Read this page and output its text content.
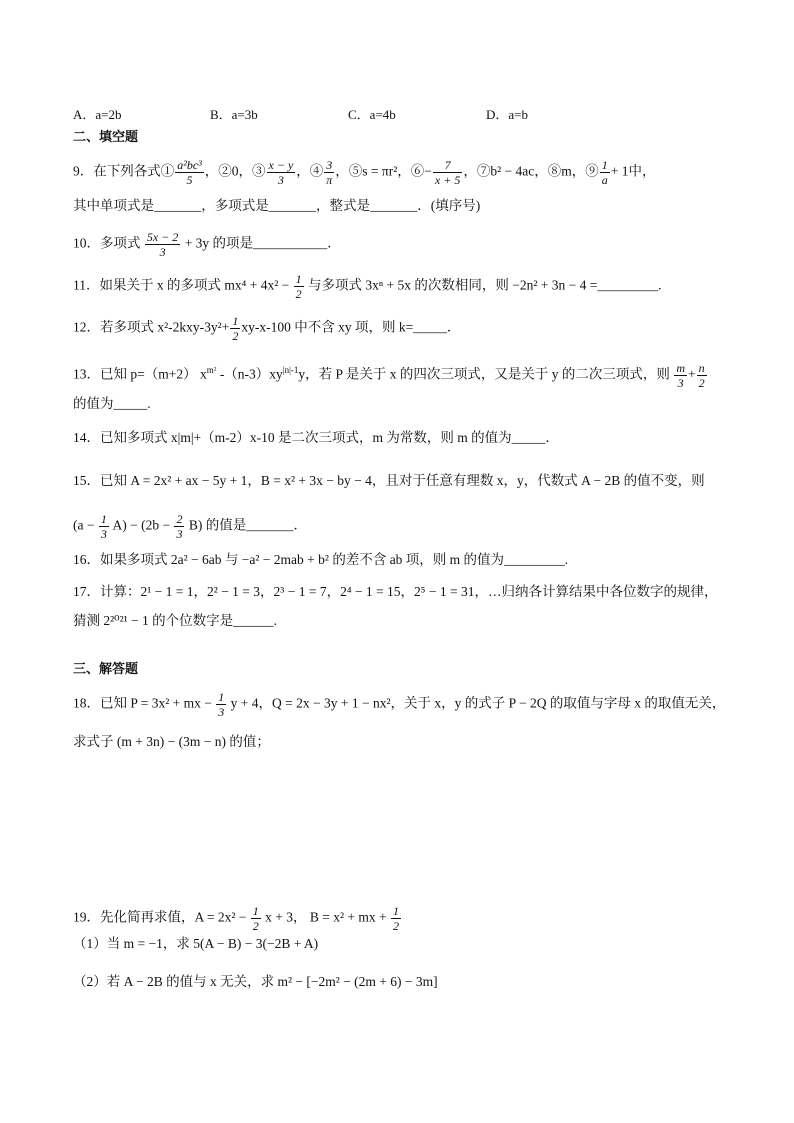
A．a=2b	B．a=3b	C．a=4b	D．a=b
二、填空题
9．在下列各式① $\frac{\text{a²bc³}}{5}$ ，②0，③ $\frac{x - y}{3}$ ，④ $\frac{3}{\pi}$ ，⑤s = πr²，⑥− $\frac{7}{x + 5}$ ，⑦b² − 4ac，⑧m，⑨ $\frac{1}{a} + 1$中，
其中单项式是_______，多项式是_______，整式是_______．(填序号)
10．多项式 $\frac{5x - 2}{3} + 3y$ 的项是___________．
11．如果关于 x 的多项式 $mx^4 + 4x^2 - \frac{1}{2}$ 与多项式 3xⁿ + 5x 的次数相同，则 −2n² + 3n − 4 =_________.
12．若多项式 $x^2-2kxy-3y^2+ \frac{1}{2} xy-x-100$ 中不含 xy 项，则 k=_____．
13．已知 p=（m+2） $x^{m^2}$ $-(n-3)xy^{|n|-1}y$，若 P 是关于 x 的四次三项式，又是关于 y 的二次三项式，则 $\frac{m}{3} + \frac{n}{2}$
的值为_____.
14．已知多项式 x|m|+（m-2）x-10 是二次三项式，m 为常数，则 m 的值为_____．
15．已知 A = 2x² + ax − 5y + 1，B = x² + 3x − by − 4，且对于任意有理数 x，y，代数式 A − 2B 的值不变，则
$(a - \frac{1}{3} A) - (2b - \frac{2}{3} B)$ 的值是_______．
16．如果多项式 2a² − 6ab 与 −a² − 2mab + b² 的差不含 ab 项，则 m 的值为_________.
17．计算：2¹ − 1 = 1，2² − 1 = 3，2³ − 1 = 7，2⁴ − 1 = 15，2⁵ − 1 = 31，…归纳各计算结果中各位数字的规律，
猜测 2²⁰²¹ − 1 的个位数字是______.
三、解答题
18．已知 P = 3x² + mx − $\frac{1}{3}$ y + 4，Q = 2x − 3y + 1 − nx²，关于 x，y 的式子 P − 2Q 的取值与字母 x 的取值无关，
求式子 (m + 3n) − (3m − n) 的值；
19．先化简再求值，$A = 2x^2 - \frac{1}{2}$ x + 3， B = x² + mx + $\frac{1}{2}$
（1）当 m = −1，求 5(A − B) − 3(−2B + A)
（2）若 A − 2B 的值与 x 无关，求 m² − [−2m² − (2m + 6) − 3m]
